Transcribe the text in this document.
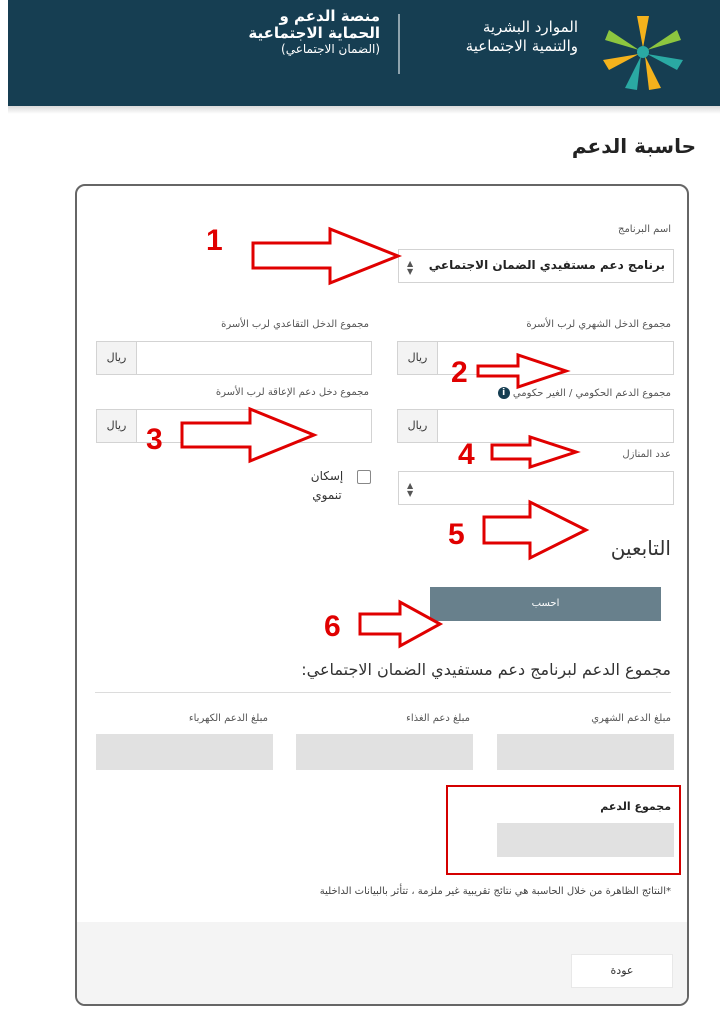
الموارد البشرية
والتنمية الاجتماعية
منصة الدعم و
الحماية الاجتماعية
(الضمان الاجتماعي)
حاسبة الدعم
اسم البرنامج
برنامج دعم مستفيدي الضمان الاجتماعي
▲
▼
مجموع الدخل الشهري لرب الأسرة
مجموع الدخل التقاعدي لرب الأسرة
ريال
ريال
مجموع الدعم الحكومي / الغير حكومي i
مجموع دخل دعم الإعاقة لرب الأسرة
ريال
ريال
عدد المنازل
▲
▼
إسكان
تنموي
التابعين
احسب
مجموع الدعم لبرنامج دعم مستفيدي الضمان الاجتماعي:
مبلغ الدعم الشهري
مبلغ دعم الغذاء
مبلغ الدعم الكهرباء
مجموع الدعم
*النتائج الظاهرة من خلال الحاسبة هي نتائج تقريبية غير ملزمة ، تتأثر بالبيانات الداخلية
عودة
1
2
3	4
5
6
